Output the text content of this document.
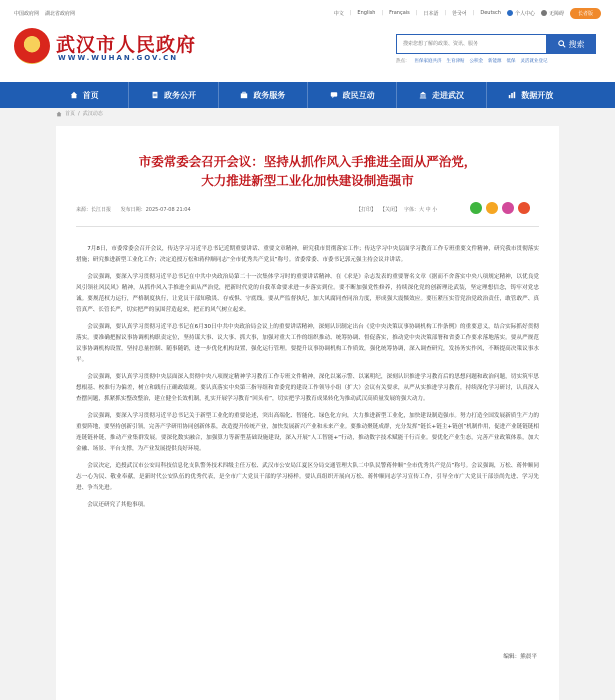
中国政府网 湖北省政府网	中文 | English | Français | 日本語 | 한국어 | Deutsch	个人中心	无障碍	长者版
武汉市人民政府
WWW.WUHAN.GOV.CN
搜索您想了解的政策、资讯、服务
搜索
热点： 医保家庭共济 生育津贴 公积金 新能源 低保 灵活就业登记
首页	政务公开	政务服务	政民互动	走进武汉	数据开放
首页 / 武汉动态
市委常委会召开会议：坚持从抓作风入手推进全面从严治党，
大力推进新型工业化加快建设制造强市
来源：长江日报 发布日期：2025-07-08 21:04	【打印】 【关闭】 字体：大 中 小

7月8日，市委常委会召开会议，传达学习习近平总书记近期重要讲话、重要文章精神，研究我市贯彻落实工作；传达学习中央层面学习教育工作专班重要文件精神，研究我市贯彻落实措施；研究推进新型工业化工作；决定追授万松和蒋仲顺同志“全市优秀共产党员”称号。省委常委、市委书记郭元强主持会议并讲话。

会议强调，要深入学习贯彻习近平总书记在中共中央政治局第二十一次集体学习时的重要讲话精神、在《求是》杂志发表的重要署名文章《据而不舍落实中央八项规定精神，以优良党风引领社风民风》精神，从抓作风入手推进全面从严治党，把新时代党的自我革命要求进一步落实到位。要不断加强党性修养，持续深化党的创新理论武装，坚定理想信念，铸牢对党忠诚。要规范权力运行，严格制度执行，让党员干部知敬畏、存戒惧、守底线。要从严监督执纪，加大风腐同查同治力度，形成强大震慑效应。要压紧压实管党治党政治责任，敢管敢严、真管真严、长管长严，切实把严的氛围营造起来，把正的风气树立起来。

会议强调，要认真学习贯彻习近平总书记在6月30日中共中央政治局会议上的重要讲话精神，深刻认识制定出台《党中央决策议事协调机构工作条例》的重要意义，结合实际抓好贯彻落实。要准确把握议事协调机构职责定位，坚持谋大事、议大事、抓大事，加强对重大工作的组织推动、统筹协调、督促落实，推动党中央决策部署和省委工作要求落地落实。要从严规范议事协调机构设置，坚持总量控制、随事随销，进一步优化机构设置，强化运行管理。要提升议事协调机构工作质效，强化统筹协调，深入调查研究，发扬务实作风，不断提高决策议事水平。

会议强调，要认真学习贯彻中央层面深入贯彻中央八项规定精神学习教育工作专班文件精神，深化以案示警、以案明纪，深刻认识推进学习教育后的思想问题和政治问题，切实筑牢思想根基、校准行为偏差，树立和践行正确政绩观。要认真落实中央第三指导组和省委党的建设工作领导小组（扩大）会议有关要求，从严从实推进学习教育，持续深化学习研讨，认真深入查摆问题，抓紧抓实整改整治，建立健全长效机制，扎实开展学习教育“回头看”，切实把学习教育成果转化为推动武汉高质量发展的强大动力。

会议强调，要深入学习贯彻习近平总书记关于新型工业化的重要论述，突出高端化、智能化、绿色化方向，大力推进新型工业化，加快建设制造强市。努力打造全国发展新质生产力的重要阵地，要坚持创新引领，完善产学研用协同创新体系，改造提升传统产业，加快发展新兴产业和未来产业。要推动聚链成群，充分发挥“链长+链主+链创”机制作用，促进产业链链链相连链链补链，推动产业集群发展。要深化数实融合，加强算力等新型基础设施建设，深入开展“人工智能+”行动，推动数字技术赋能千行百业。要优化产业生态，完善产业政策体系，加大金融、场景、平台支撑，为产业发展提供良好环境。

会议决定，追授武汉市公安局科技信息化支队警务技术四级主任万松、武汉市公安局江夏区分局交通管理大队二中队民警蒋仲顺“全市优秀共产党员”称号。会议强调，万松、蒋仲顺同志一心为民、敬业奉献，是新时代公安队伍的优秀代表，是全市广大党员干部的学习榜样。要认真组织开展向万松、蒋仲顺同志学习宣传工作，引导全市广大党员干部崇尚先进、学习先进、争当先进。

会议还研究了其他事项。

编辑：熊晨平
